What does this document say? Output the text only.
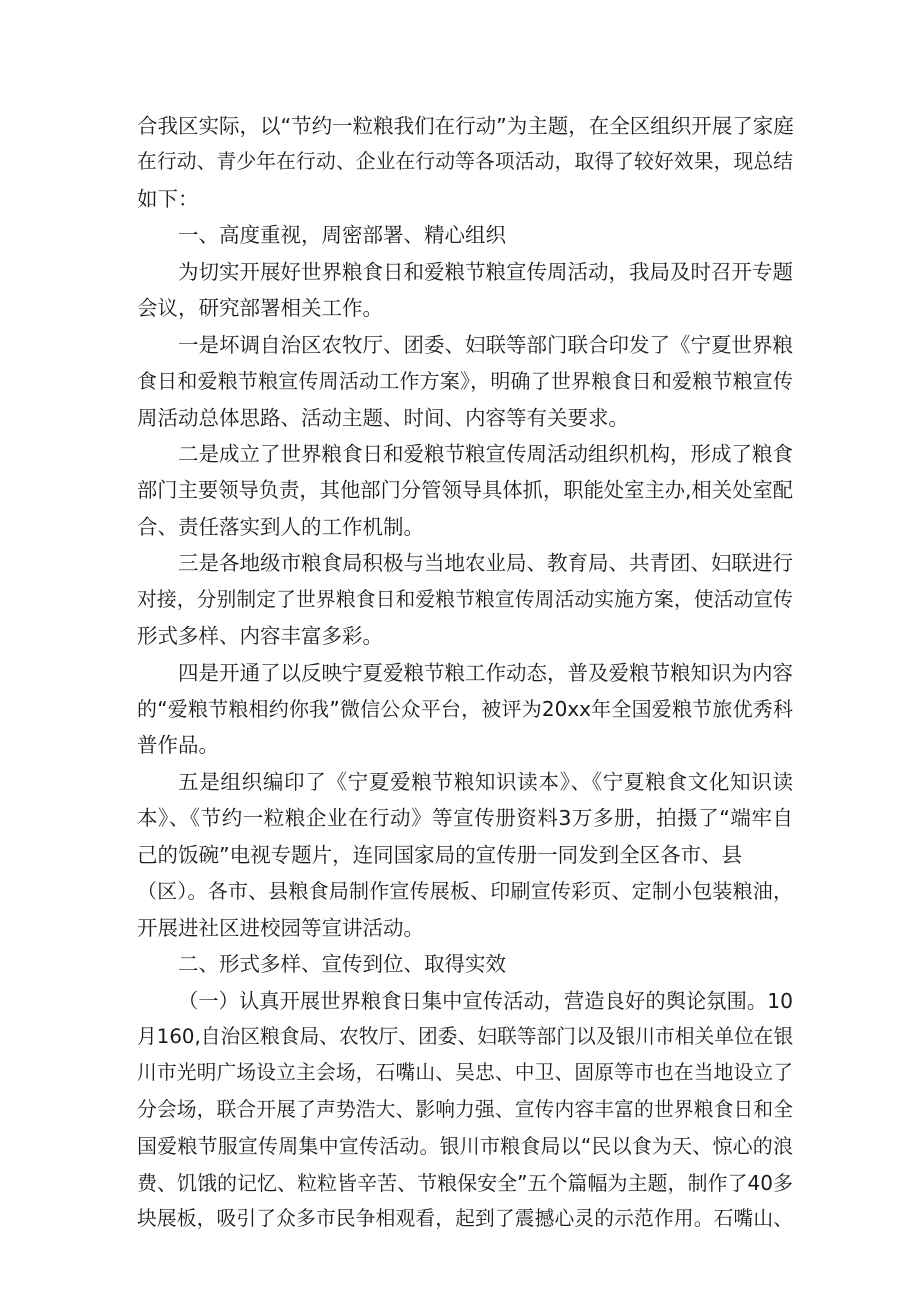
合我区实际，以“节约一粒粮我们在行动”为主题，在全区组织开展了家庭
在行动、青少年在行动、企业在行动等各项活动，取得了较好效果，现总结
如下：
一、高度重视，周密部署、精心组织
为切实开展好世界粮食日和爱粮节粮宣传周活动，我局及时召开专题
会议，研究部署相关工作。
一是坏调自治区农牧厅、团委、妇联等部门联合印发了《宁夏世界粮
食日和爱粮节粮宣传周活动工作方案》，明确了世界粮食日和爱粮节粮宣传
周活动总体思路、活动主题、时间、内容等有关要求。
二是成立了世界粮食日和爱粮节粮宣传周活动组织机构，形成了粮食
部门主要领导负责，其他部门分管领导具体抓，职能处室主办,相关处室配
合、责任落实到人的工作机制。
三是各地级市粮食局积极与当地农业局、教育局、共青团、妇联进行
对接，分别制定了世界粮食日和爱粮节粮宣传周活动实施方案，使活动宣传
形式多样、内容丰富多彩。
四是开通了以反映宁夏爱粮节粮工作动态，普及爱粮节粮知识为内容
的“爱粮节粮相约你我”微信公众平台，被评为20xx年全国爱粮节旅优秀科
普作品。
五是组织编印了《宁夏爱粮节粮知识读本》、《宁夏粮食文化知识读
本》、《节约一粒粮企业在行动》等宣传册资料3万多册，拍摄了“端牢自
己的饭碗”电视专题片，连同国家局的宣传册一同发到全区各市、县
（区）。各市、县粮食局制作宣传展板、印刷宣传彩页、定制小包装粮油，
开展进社区进校园等宣讲活动。
二、形式多样、宣传到位、取得实效
（一）认真开展世界粮食日集中宣传活动，营造良好的舆论氛围。10
月160,自治区粮食局、农牧厅、团委、妇联等部门以及银川市相关单位在银
川市光明广场设立主会场，石嘴山、吴忠、中卫、固原等市也在当地设立了
分会场，联合开展了声势浩大、影响力强、宣传内容丰富的世界粮食日和全
国爱粮节服宣传周集中宣传活动。银川市粮食局以“民以食为天、惊心的浪
费、饥饿的记忆、粒粒皆辛苦、节粮保安全”五个篇幅为主题，制作了40多
块展板，吸引了众多市民争相观看，起到了震撼心灵的示范作用。石嘴山、
